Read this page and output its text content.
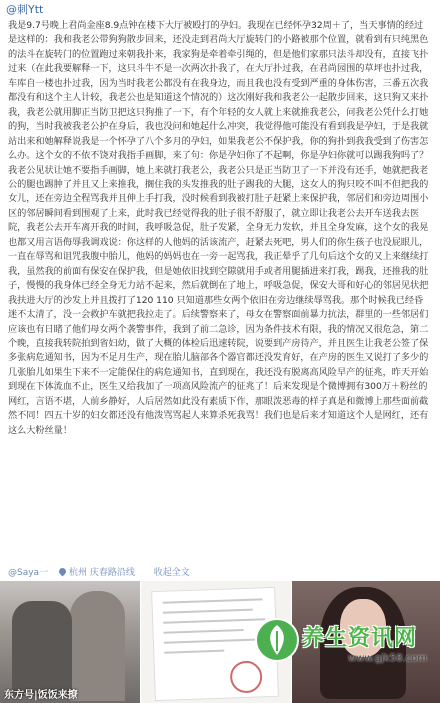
@刺Ytt

我是9.7号晚上君尚金座8.9点钟在楼下大厅被殴打的孕妇。我现在已经怀孕32周＋了，当天事情的经过是这样的：我和我老公带狗狗散步回来，还没走到君尚大厅旋转门的小路被那个位置，就看到有只纯黑色的法斗在旋转门的位置跑过来朝我扑来，我家狗是牵着牵引绳的，但是他们家那只法斗却没有，直接飞扑过来（在此我要解释一下，这只斗牛不是一次两次扑我了，在大厅扑过我，在君尚园围的草坪也扑过我，车库自一楼也扑过我，因为当时我老公都没有在我身边，而且我也没有受到严重的身体伤害，三番五次我都没有和这个主人计较，我老公也是知道这个情况的）这次刚好我和我老公一起散步回来，这只狗又来扑我，我老公就用脚正当防卫把这只狗推了一下，有个年轻的女人就上来就推我老公，问我老公凭什么打她的狗，当时我被我老公护在身后，我也没问和她起什么冲突，我觉得他可能没有看到我是孕妇，于是我就站出来和她解释说我是一个怀孕了八个多月的孕妇，如果我老公不保护我，你的狗扑到我我受到了伤害怎么办。这个女的不依不饶对我指手画脚，来了句：你是孕妇你了不起啊，你是孕妇你就可以踢我狗吗了？我老公见状让她不要指手画脚，她上来就打我老公，我老公只是正当防卫了一下并没有还手，她就把我老公的腿也踢肿了并且又上来推我，搁住我的头发推我的肚子踢我的大腿，这女人的狗只咬不叫不但把我的女儿，还在旁边全程骂我并且伸上手打我，没时候看到我被打肚子赶紧上来保护我，邻居们和旁边周围小区的邻居瞬间看到围观了上来，此时我已经觉得我的肚子很不舒服了，就立即让我老公去开车送我去医院，我老公去开车离开我的时间，我呼吸急促，肚子发紧，全身无力发软，并且全身发麻，这个女的我晃也都又用言语侮辱我调戏说：你这样的人他妈的活该流产，赶紧去死吧，男人们的你生孩子也没屁眼儿，一直在辱骂和诅咒我腹中胎儿，他妈的妈妈也在一旁一起骂我，我正晕乎了几句后这个女的又上来继续打我，虽然我的前面有保安在保护我，但是她依旧找到空隙就用手或者用腿插进来打我，踢我，还推我的肚子，慢慢的我身体已经全身无力站不起来，然后就倒在了地上，呼吸急促，保安大哥和好心的邻居见状把我扶进大厅的沙发上并且拨打了120 110 只知道那些女两个依旧在旁边继续辱骂我。那个时候我已经昏迷不太清了，没一会救护车就把我拉走了。后续警察来了，母女在警察面前暴力抗法，群里的一些邻居们应该也有日睹了他们母女两个袭警事件，我到了前二急诊，因为条件技术有限，我的情况又很危急，第二个晚，直接我转院拍到省妇幼，做了大概的体检后迅速转院，说要到产房待产，并且医生让我老公签了保多张病危通知书，因为不足月生产，现在胎儿脑部各个器官都还没发育好，在产房的医生又说打了多少的几张胎儿如果生下来不一定能保住的病危通知书，直到现在，我还没有脱离高风险早产的征兆，昨天开始到现在下体流血不止，医生又给我加了一项高风险流产的征兆了！后来发现是个微博拥有300万＋粉丝的网红，言语不堪，人前乡静好，人后居然如此没有素质下作，那眼泼恶毒的样子真是和微博上那些面前截然不同！四五十岁的妇女都还没有他泼骂骂起人来算杀死我骂！我们也是后来才知道这个人是网红，还有这么大粉丝量！

@Saya一 杭州 庆春路沿线 收起全文
养生资讯网
www.gjk58.com
东方号|饭饭来撩
